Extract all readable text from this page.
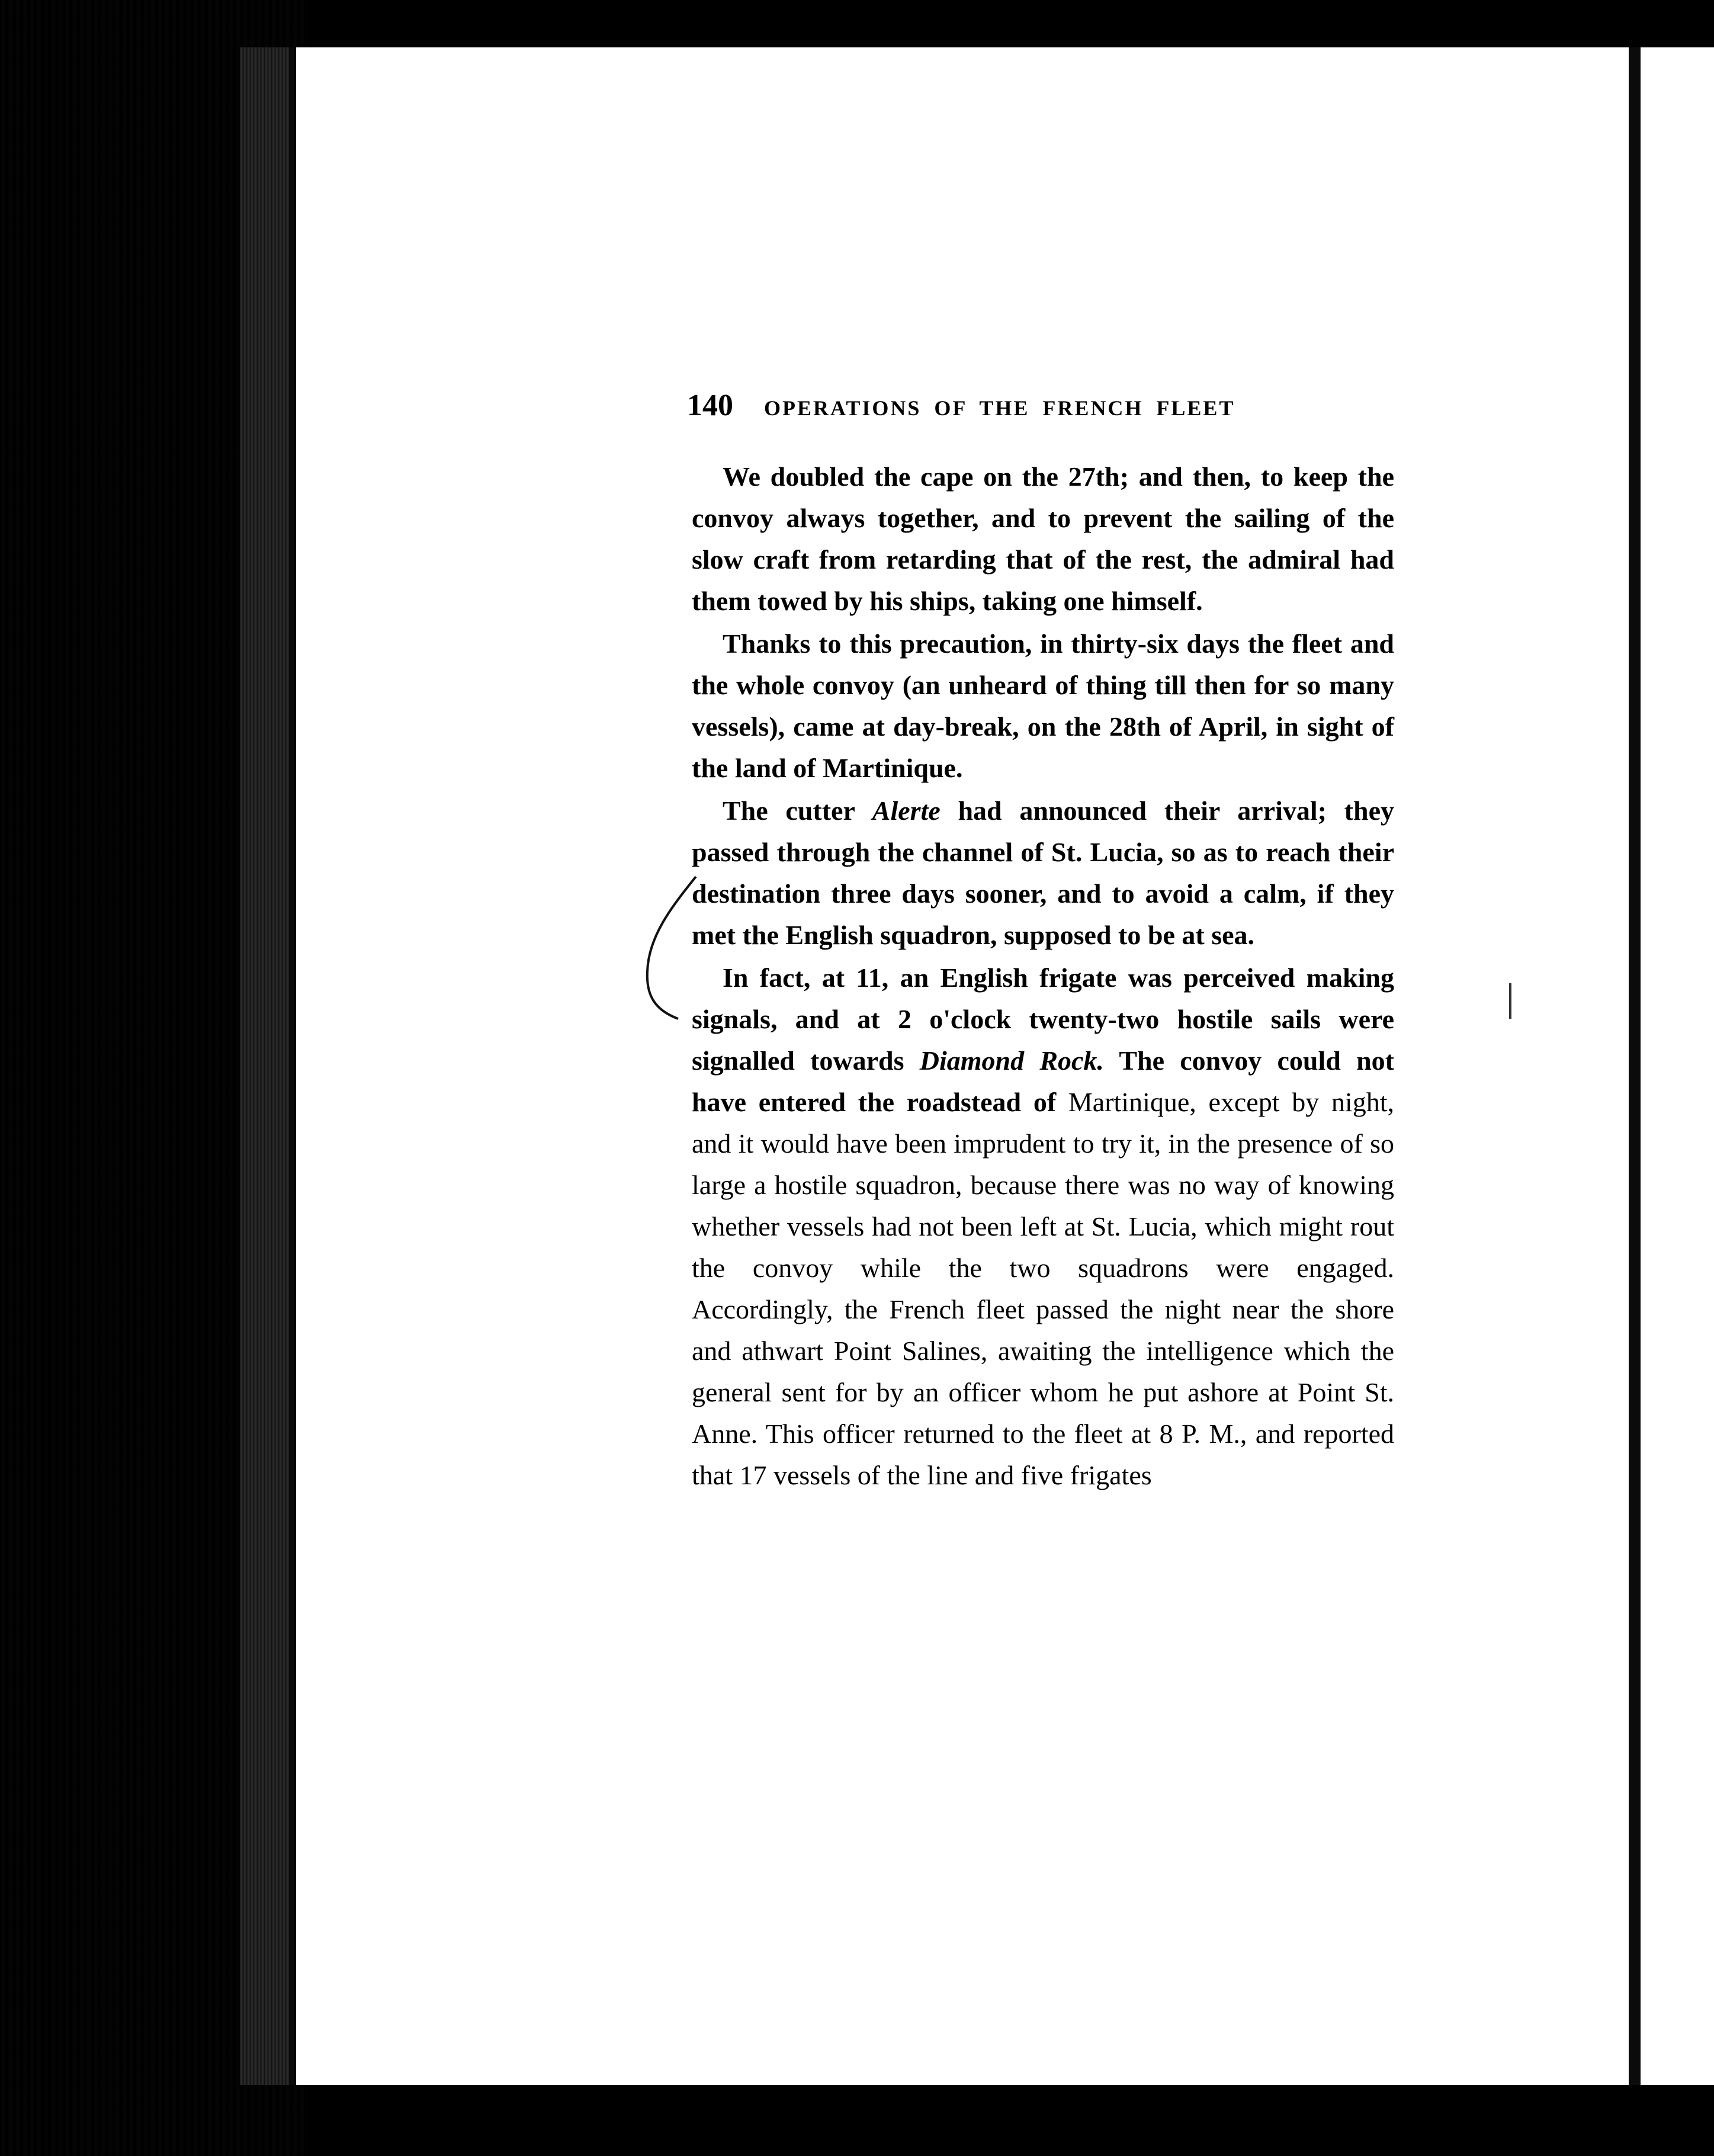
140	OPERATIONS OF THE FRENCH FLEET

We doubled the cape on the 27th; and then, to keep the convoy always together, and to prevent the sailing of the slow craft from retarding that of the rest, the admiral had them towed by his ships, taking one himself.

Thanks to this precaution, in thirty-six days the fleet and the whole convoy (an unheard of thing till then for so many vessels), came at day-break, on the 28th of April, in sight of the land of Martinique.

The cutter Alerte had announced their arrival; they passed through the channel of St. Lucia, so as to reach their destination three days sooner, and to avoid a calm, if they met the English squadron, supposed to be at sea.

In fact, at 11, an English frigate was perceived making signals, and at 2 o'clock twenty-two hostile sails were signalled towards Diamond Rock. The convoy could not have entered the roadstead of Martinique, except by night, and it would have been imprudent to try it, in the presence of so large a hostile squadron, because there was no way of knowing whether vessels had not been left at St. Lucia, which might rout the convoy while the two squadrons were engaged. Accordingly, the French fleet passed the night near the shore and athwart Point Salines, awaiting the intelligence which the general sent for by an officer whom he put ashore at Point St. Anne. This officer returned to the fleet at 8 P. M., and reported that 17 vessels of the line and five frigates
